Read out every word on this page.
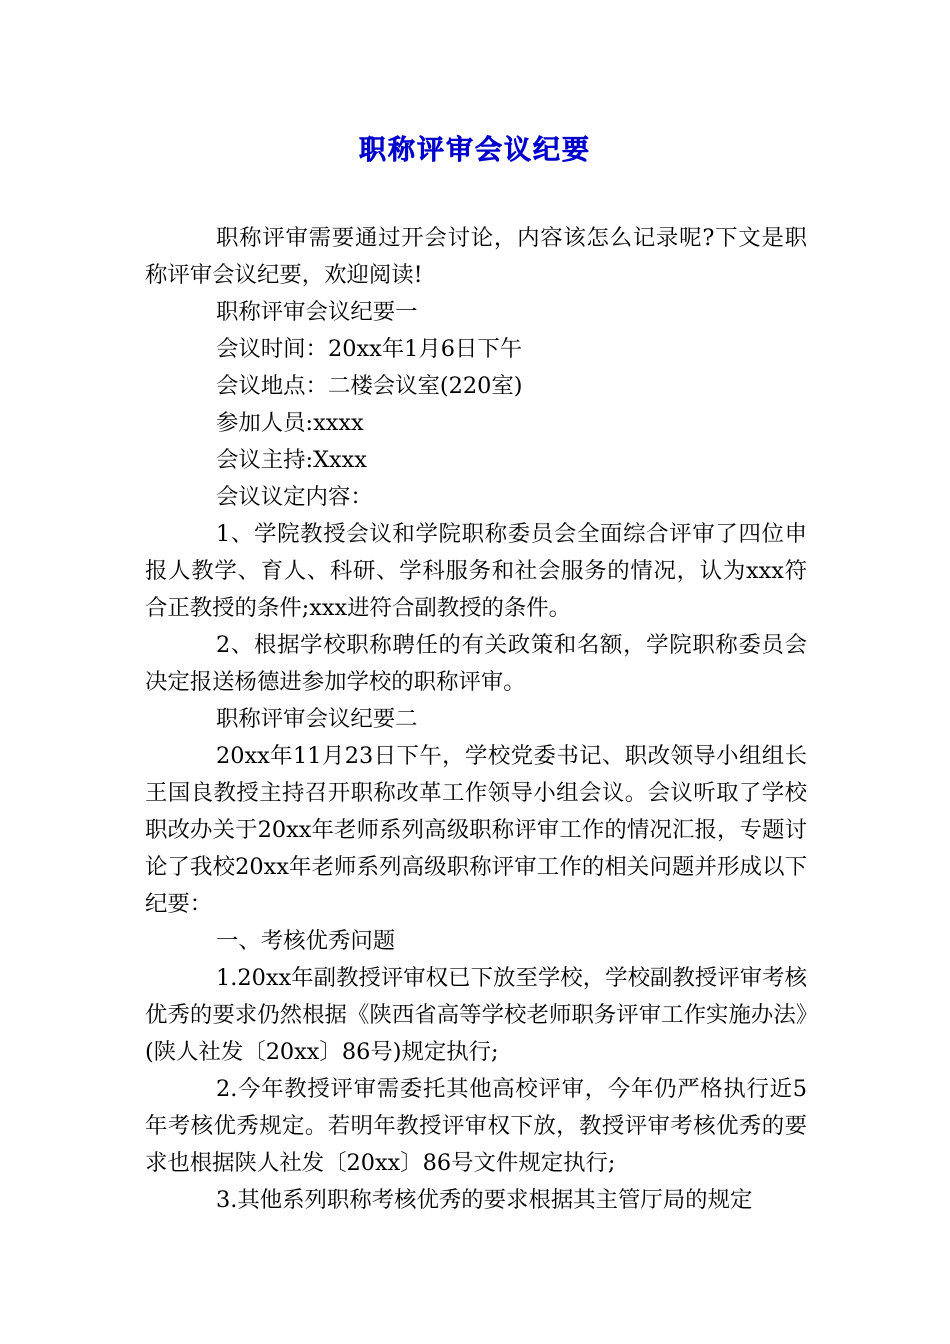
职称评审会议纪要

职称评审需要通过开会讨论，内容该怎么记录呢?下文是职称评审会议纪要，欢迎阅读!

职称评审会议纪要一

会议时间：20xx年1月6日下午

会议地点：二楼会议室(220室)

参加人员:xxxx

会议主持:Xxxx

会议议定内容：

1、学院教授会议和学院职称委员会全面综合评审了四位申报人教学、育人、科研、学科服务和社会服务的情况，认为xxx符合正教授的条件;xxx进符合副教授的条件。

2、根据学校职称聘任的有关政策和名额，学院职称委员会决定报送杨德进参加学校的职称评审。

职称评审会议纪要二

20xx年11月23日下午，学校党委书记、职改领导小组组长王国良教授主持召开职称改革工作领导小组会议。会议听取了学校职改办关于20xx年老师系列高级职称评审工作的情况汇报，专题讨论了我校20xx年老师系列高级职称评审工作的相关问题并形成以下纪要：

一、考核优秀问题

1.20xx年副教授评审权已下放至学校，学校副教授评审考核优秀的要求仍然根据《陕西省高等学校老师职务评审工作实施办法》(陕人社发〔20xx〕86号)规定执行;

2.今年教授评审需委托其他高校评审，今年仍严格执行近5年考核优秀规定。若明年教授评审权下放，教授评审考核优秀的要求也根据陕人社发〔20xx〕86号文件规定执行;

3.其他系列职称考核优秀的要求根据其主管厅局的规定
